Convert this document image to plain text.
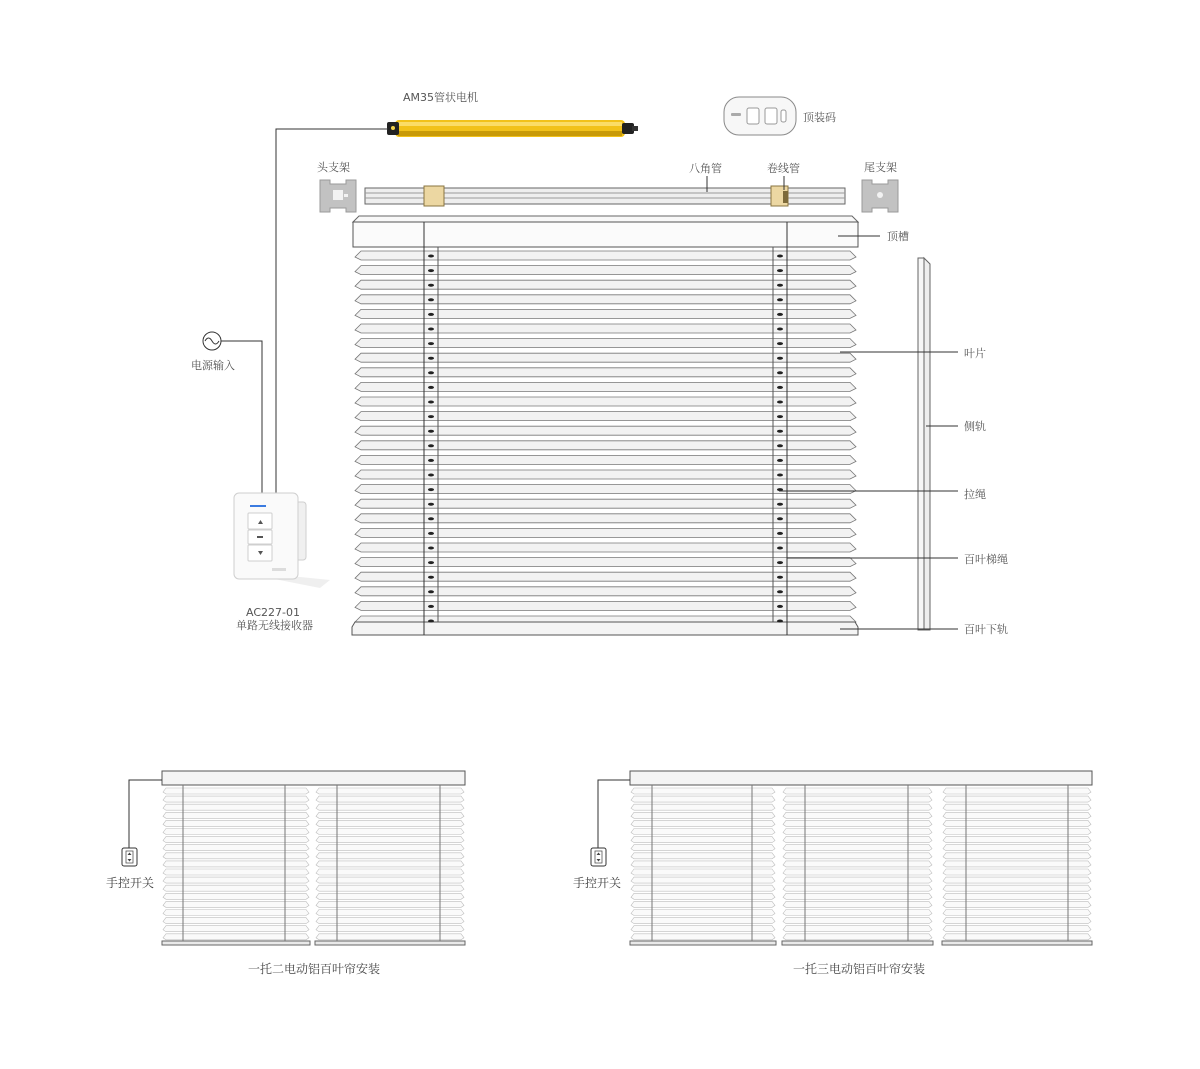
AM35管状电机
顶装码
头支架	尾支架
八角管	卷线管
顶槽
叶片
侧轨
拉绳
百叶梯绳
百叶下轨
电源输入
AC227-01
单路无线接收器
手控开关
一托二电动铝百叶帘安装
手控开关
一托三电动铝百叶帘安装
